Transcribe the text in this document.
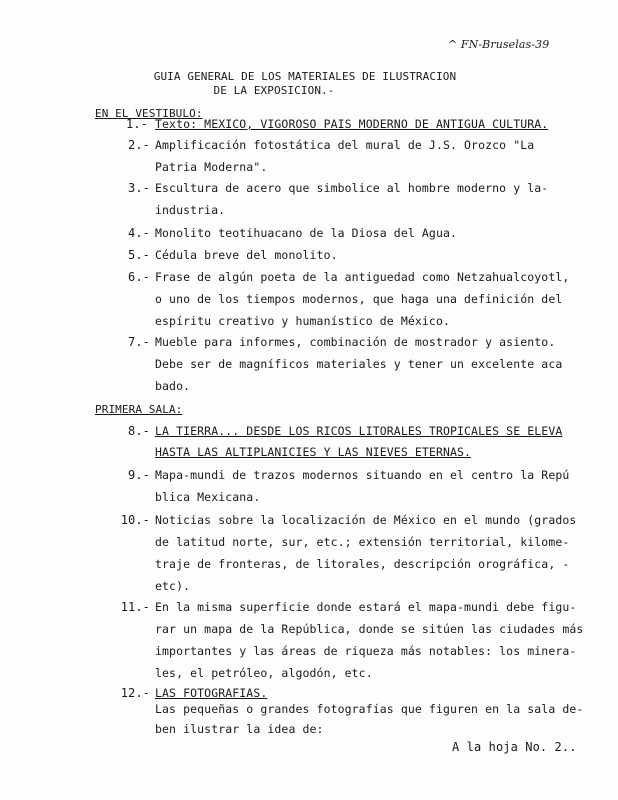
^ FN-Bruselas-39
GUIA GENERAL DE LOS MATERIALES DE ILUSTRACION
DE LA EXPOSICION.-
EN EL VESTIBULO:
1.- Texto: MEXICO, VIGOROSO PAIS MODERNO DE ANTIGUA CULTURA.
2.- Amplificación fotostática del mural de J.S. Orozco "La
Patria Moderna".
3.- Escultura de acero que simbolice al hombre moderno y la-
industria.
4.- Monolito teotihuacano de la Diosa del Agua.
5.- Cédula breve del monolito.
6.- Frase de algún poeta de la antiguedad como Netzahualcoyotl,
o uno de los tiempos modernos, que haga una definición del
espíritu creativo y humanístico de México.
7.- Mueble para informes, combinación de mostrador y asiento.
Debe ser de magníficos materiales y tener un excelente aca
bado.
PRIMERA SALA:
8.- LA TIERRA... DESDE LOS RICOS LITORALES TROPICALES SE ELEVA
HASTA LAS ALTIPLANICIES Y LAS NIEVES ETERNAS.
9.- Mapa-mundi de trazos modernos situando en el centro la Repú
blica Mexicana.
10.- Noticias sobre la localización de México en el mundo (grados
de latitud norte, sur, etc.; extensión territorial, kilome-
traje de fronteras, de litorales, descripción orográfica, -
etc).
11.- En la misma superficie donde estará el mapa-mundi debe figu-
rar un mapa de la República, donde se sitúen las ciudades más
importantes y las áreas de riqueza más notables: los minera-
les, el petróleo, algodón, etc.
12.- LAS FOTOGRAFIAS.
Las pequeñas o grandes fotografías que figuren en la sala de-
ben ilustrar la idea de:
A la hoja No. 2..
